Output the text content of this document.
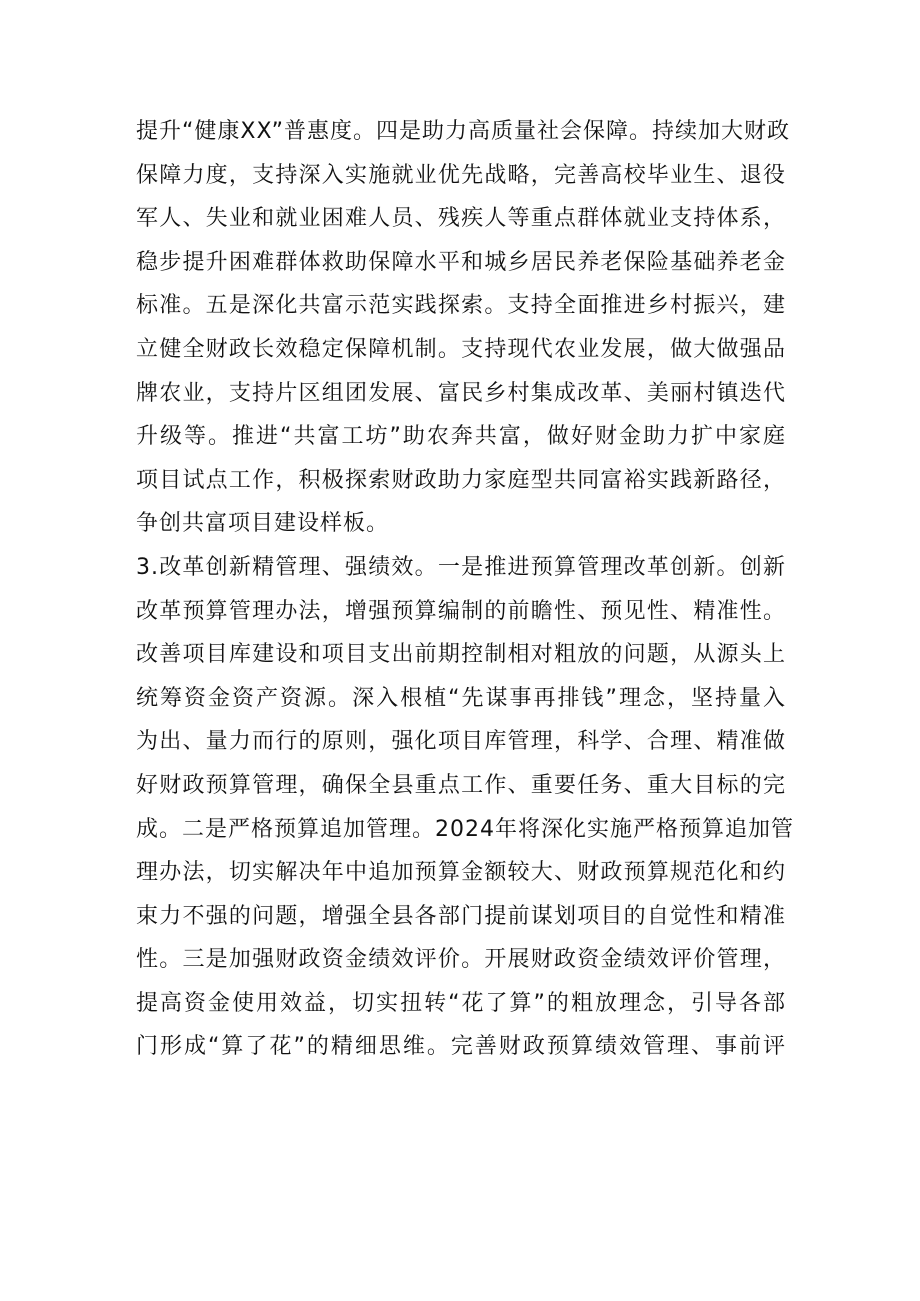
提升“健康XX”普惠度。四是助力高质量社会保障。持续加大财政
保障力度，支持深入实施就业优先战略，完善高校毕业生、退役
军人、失业和就业困难人员、残疾人等重点群体就业支持体系，
稳步提升困难群体救助保障水平和城乡居民养老保险基础养老金
标准。五是深化共富示范实践探索。支持全面推进乡村振兴，建
立健全财政长效稳定保障机制。支持现代农业发展，做大做强品
牌农业，支持片区组团发展、富民乡村集成改革、美丽村镇迭代
升级等。推进“共富工坊”助农奔共富，做好财金助力扩中家庭
项目试点工作，积极探索财政助力家庭型共同富裕实践新路径，
争创共富项目建设样板。
3.改革创新精管理、强绩效。一是推进预算管理改革创新。创新
改革预算管理办法，增强预算编制的前瞻性、预见性、精准性。
改善项目库建设和项目支出前期控制相对粗放的问题，从源头上
统筹资金资产资源。深入根植“先谋事再排钱”理念，坚持量入
为出、量力而行的原则，强化项目库管理，科学、合理、精准做
好财政预算管理，确保全县重点工作、重要任务、重大目标的完
成。二是严格预算追加管理。2024年将深化实施严格预算追加管
理办法，切实解决年中追加预算金额较大、财政预算规范化和约
束力不强的问题，增强全县各部门提前谋划项目的自觉性和精准
性。三是加强财政资金绩效评价。开展财政资金绩效评价管理，
提高资金使用效益，切实扭转“花了算”的粗放理念，引导各部
门形成“算了花”的精细思维。完善财政预算绩效管理、事前评
